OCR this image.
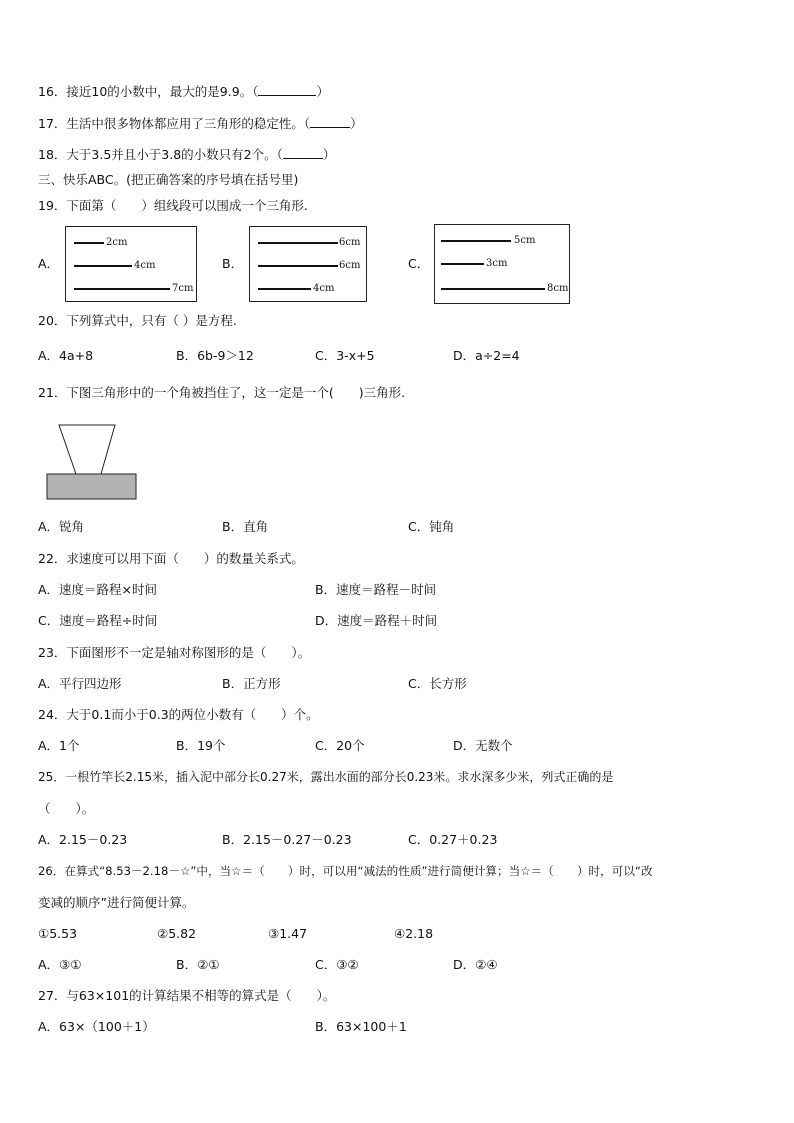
16．接近10的小数中，最大的是9.9。（	）
17．生活中很多物体都应用了三角形的稳定性。（	）
18．大于3.5并且小于3.8的小数只有2个。（	）
三、快乐ABC。(把正确答案的序号填在括号里)
19．下面第（　　）组线段可以围成一个三角形.
A．	B．	C．
2cm
4cm
7cm
6cm
6cm
4cm
5cm
3cm
8cm
20．下列算式中，只有（ ）是方程.
A．4a+8	B．6b-9＞12	C．3-x+5	D．a÷2=4
21．下图三角形中的一个角被挡住了，这一定是一个(　　)三角形.
A．锐角	B．直角	C．钝角
22．求速度可以用下面（　　）的数量关系式。
A．速度＝路程×时间	B．速度＝路程－时间
C．速度＝路程÷时间	D．速度＝路程＋时间
23．下面图形不一定是轴对称图形的是（　　）。
A．平行四边形	B．正方形	C．长方形
24．大于0.1而小于0.3的两位小数有（　　）个。
A．1个	B．19个	C．20个	D．无数个
25．一根竹竿长2.15米，插入泥中部分长0.27米，露出水面的部分长0.23米。求水深多少米，列式正确的是
（　　）。
A．2.15－0.23	B．2.15－0.27－0.23	C．0.27＋0.23
26．在算式“8.53－2.18－☆”中，当☆＝（　　）时，可以用“减法的性质”进行简便计算；当☆＝（　　）时，可以“改
变减的顺序”进行简便计算。
①5.53	②5.82	③1.47	④2.18
A．③①	B．②①	C．③②	D．②④
27．与63×101的计算结果不相等的算式是（　　）。
A．63×（100＋1）	B．63×100＋1
